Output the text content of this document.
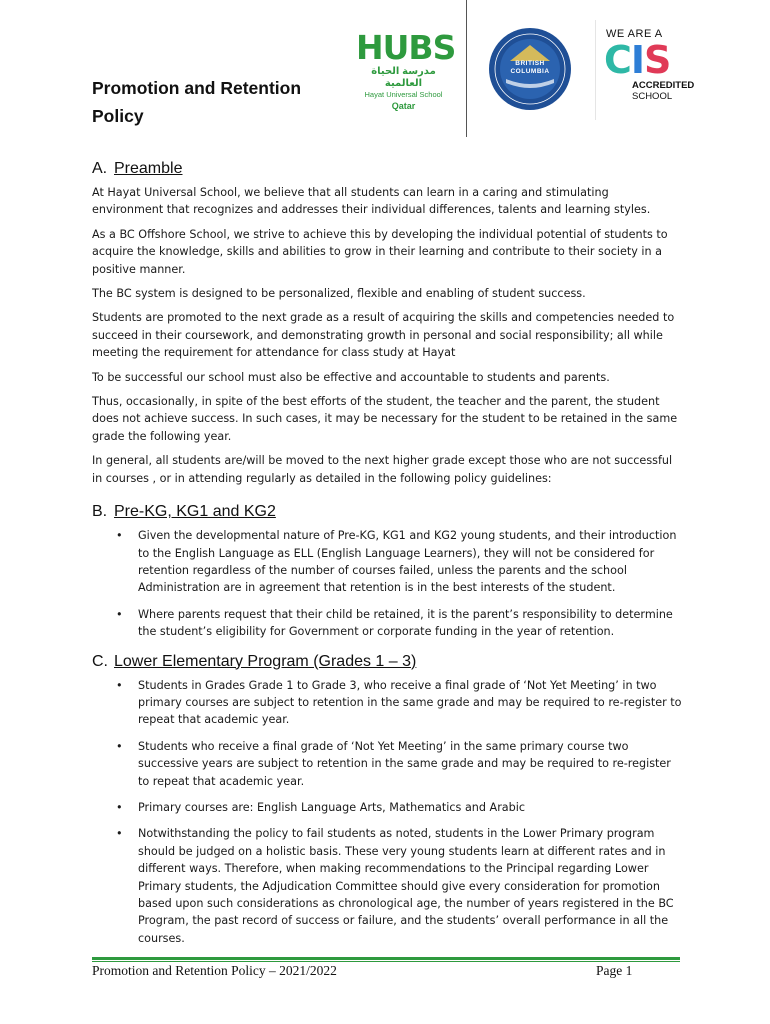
Promotion and Retention
Policy
HUBS
مدرسة الحياة العالمية
Hayat Universal School
Qatar
BRITISH
COLUMBIA
WE ARE A
CIS
ACCREDITED
SCHOOL
A. Preamble

At Hayat Universal School, we believe that all students can learn in a caring and stimulating environment that recognizes and addresses their individual differences, talents and learning styles.

As a BC Offshore School, we strive to achieve this by developing the individual potential of students to acquire the knowledge, skills and abilities to grow in their learning and contribute to their society in a positive manner.

The BC system is designed to be personalized, flexible and enabling of student success.

Students are promoted to the next grade as a result of acquiring the skills and competencies needed to succeed in their coursework, and demonstrating growth in personal and social responsibility; all while meeting the requirement for attendance for class study at Hayat

To be successful our school must also be effective and accountable to students and parents.

Thus, occasionally, in spite of the best efforts of the student, the teacher and the parent, the student does not achieve success. In such cases, it may be necessary for the student to be retained in the same grade the following year.

In general, all students are/will be moved to the next higher grade except those who are not successful in courses , or in attending regularly as detailed in the following policy guidelines:

B. Pre-KG, KG1 and KG2
• Given the developmental nature of Pre-KG, KG1 and KG2 young students, and their introduction to the English Language as ELL (English Language Learners), they will not be considered for retention regardless of the number of courses failed, unless the parents and the school Administration are in agreement that retention is in the best interests of the student.
• Where parents request that their child be retained, it is the parent’s responsibility to determine the student’s eligibility for Government or corporate funding in the year of retention.
C. Lower Elementary Program (Grades 1 – 3)
• Students in Grades Grade 1 to Grade 3, who receive a final grade of ‘Not Yet Meeting’ in two primary courses are subject to retention in the same grade and may be required to re-register to repeat that academic year.
• Students who receive a final grade of ‘Not Yet Meeting’ in the same primary course two successive years are subject to retention in the same grade and may be required to re-register to repeat that academic year.
• Primary courses are: English Language Arts, Mathematics and Arabic
• Notwithstanding the policy to fail students as noted, students in the Lower Primary program should be judged on a holistic basis. These very young students learn at different rates and in different ways. Therefore, when making recommendations to the Principal regarding Lower Primary students, the Adjudication Committee should give every consideration for promotion based upon such considerations as chronological age, the number of years registered in the BC Program, the past record of success or failure, and the students’ overall performance in all the courses.
Promotion and Retention Policy – 2021/2022	Page 1
